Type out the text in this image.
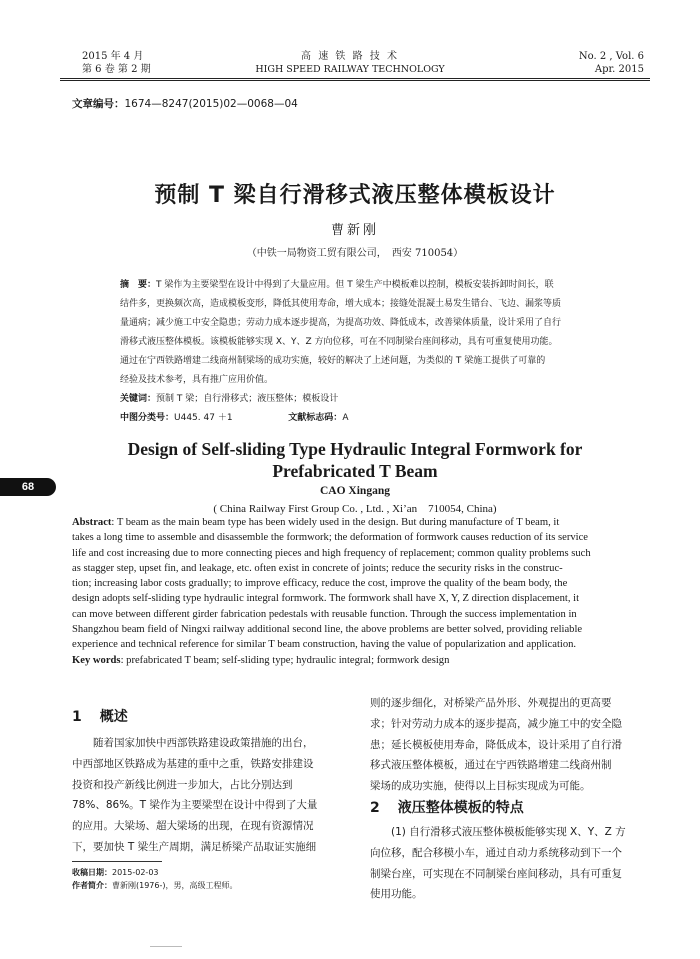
2015 年 4 月
第 6 卷 第 2 期
高 速 铁 路 技 术
HIGH SPEED RAILWAY TECHNOLOGY
No. 2 , Vol. 6
Apr. 2015
文章编号：1674—8247(2015)02—0068—04
预制 T 梁自行滑移式液压整体模板设计
曹新刚
（中铁一局物资工贸有限公司，　西安 710054）
摘　要：T 梁作为主要梁型在设计中得到了大量应用。但 T 梁生产中模板难以控制，模板安装拆卸时间长，联
结件多，更换频次高，造成模板变形，降低其使用寿命，增大成本；接缝处混凝土易发生错台、飞边、漏浆等质
量通病；减少施工中安全隐患；劳动力成本逐步提高，为提高功效、降低成本，改善梁体质量，设计采用了自行
滑移式液压整体模板。该模板能够实现 X、Y、Z 方向位移，可在不同制梁台座间移动，具有可重复使用功能。
通过在宁西铁路增建二线商州制梁场的成功实施，较好的解决了上述问题，为类似的 T 梁施工提供了可靠的
经验及技术参考，具有推广应用价值。
关键词：预制 T 梁；自行滑移式；液压整体；模板设计
中图分类号：U445. 47 ＋1	文献标志码：A
Design of Self-sliding Type Hydraulic Integral Formwork for
Prefabricated T Beam
CAO Xingang
( China Railway First Group Co. , Ltd. , Xi’an　710054, China)
68
Abstract: T beam as the main beam type has been widely used in the design. But during manufacture of T beam, it
takes a long time to assemble and disassemble the formwork; the deformation of formwork causes reduction of its service
life and cost increasing due to more connecting pieces and high frequency of replacement; common quality problems such
as stagger step, upset fin, and leakage, etc. often exist in concrete of joints; reduce the security risks in the construc-
tion; increasing labor costs gradually; to improve efficacy, reduce the cost, improve the quality of the beam body, the
design adopts self-sliding type hydraulic integral formwork. The formwork shall have X, Y, Z direction displacement, it
can move between different girder fabrication pedestals with reusable function. Through the success implementation in
Shangzhou beam field of Ningxi railway additional second line, the above problems are better solved, providing reliable
experience and technical reference for similar T beam construction, having the value of popularization and application.
Key words: prefabricated T beam; self-sliding type; hydraulic integral; formwork design
1 概述
　　随着国家加快中西部铁路建设政策措施的出台，
中西部地区铁路成为基建的重中之重，铁路安排建设
投资和投产新线比例进一步加大，占比分别达到
78%、86%。T 梁作为主要梁型在设计中得到了大量
的应用。大梁场、超大梁场的出现，在现有资源情况
下，要加快 T 梁生产周期，满足桥梁产品取证实施细
收稿日期：2015-02-03
作者简介：曹新刚(1976-)，男，高级工程师。
则的逐步细化，对桥梁产品外形、外观提出的更高要
求；针对劳动力成本的逐步提高，减少施工中的安全隐
患；延长模板使用寿命，降低成本，设计采用了自行滑
移式液压整体模板，通过在宁西铁路增建二线商州制
梁场的成功实施，使得以上目标实现成为可能。
2 液压整体模板的特点
　　(1) 自行滑移式液压整体模板能够实现 X、Y、Z 方
向位移，配合移模小车，通过自动力系统移动到下一个
制梁台座，可实现在不同制梁台座间移动，具有可重复
使用功能。
